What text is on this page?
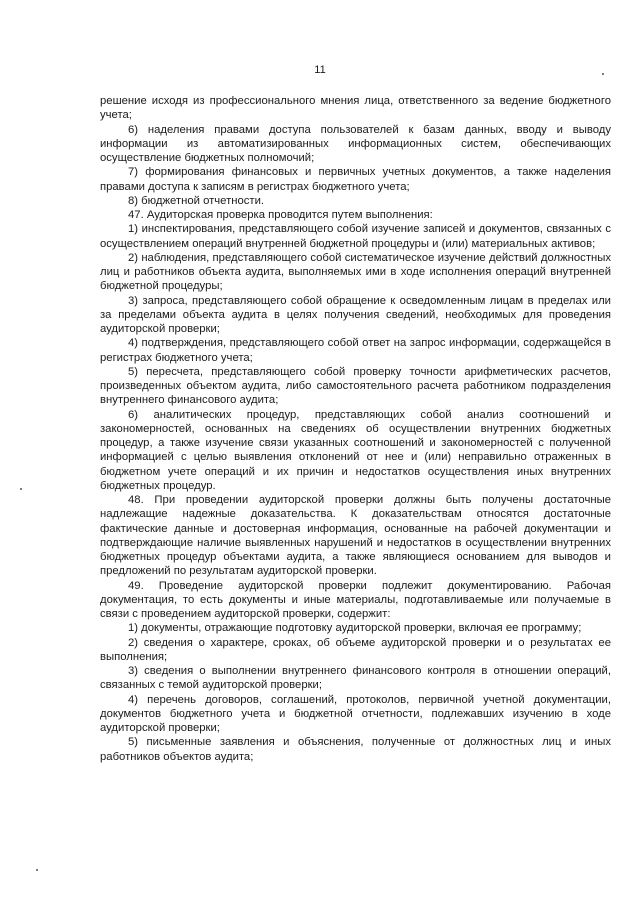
11

решение исходя из профессионального мнения лица, ответственного за ведение бюджетного учета;

6) наделения правами доступа пользователей к базам данных, вводу и выводу информации из автоматизированных информационных систем, обеспечивающих осуществление бюджетных полномочий;

7) формирования финансовых и первичных учетных документов, а также наделения правами доступа к записям в регистрах бюджетного учета;

8) бюджетной отчетности.

47. Аудиторская проверка проводится путем выполнения:

1) инспектирования, представляющего собой изучение записей и документов, связанных с осуществлением операций внутренней бюджетной процедуры и (или) материальных активов;

2) наблюдения, представляющего собой систематическое изучение действий должностных лиц и работников объекта аудита, выполняемых ими в ходе исполнения операций внутренней бюджетной процедуры;

3) запроса, представляющего собой обращение к осведомленным лицам в пределах или за пределами объекта аудита в целях получения сведений, необходимых для проведения аудиторской проверки;

4) подтверждения, представляющего собой ответ на запрос информации, содержащейся в регистрах бюджетного учета;

5) пересчета, представляющего собой проверку точности арифметических расчетов, произведенных объектом аудита, либо самостоятельного расчета работником подразделения внутреннего финансового аудита;

6) аналитических процедур, представляющих собой анализ соотношений и закономерностей, основанных на сведениях об осуществлении внутренних бюджетных процедур, а также изучение связи указанных соотношений и закономерностей с полученной информацией с целью выявления отклонений от нее и (или) неправильно отраженных в бюджетном учете операций и их причин и недостатков осуществления иных внутренних бюджетных процедур.

48. При проведении аудиторской проверки должны быть получены достаточные надлежащие надежные доказательства. К доказательствам относятся достаточные фактические данные и достоверная информация, основанные на рабочей документации и подтверждающие наличие выявленных нарушений и недостатков в осуществлении внутренних бюджетных процедур объектами аудита, а также являющиеся основанием для выводов и предложений по результатам аудиторской проверки.

49. Проведение аудиторской проверки подлежит документированию. Рабочая документация, то есть документы и иные материалы, подготавливаемые или получаемые в связи с проведением аудиторской проверки, содержит:

1) документы, отражающие подготовку аудиторской проверки, включая ее программу;

2) сведения о характере, сроках, об объеме аудиторской проверки и о результатах ее выполнения;

3) сведения о выполнении внутреннего финансового контроля в отношении операций, связанных с темой аудиторской проверки;

4) перечень договоров, соглашений, протоколов, первичной учетной документации, документов бюджетного учета и бюджетной отчетности, подлежавших изучению в ходе аудиторской проверки;

5) письменные заявления и объяснения, полученные от должностных лиц и иных работников объектов аудита;
